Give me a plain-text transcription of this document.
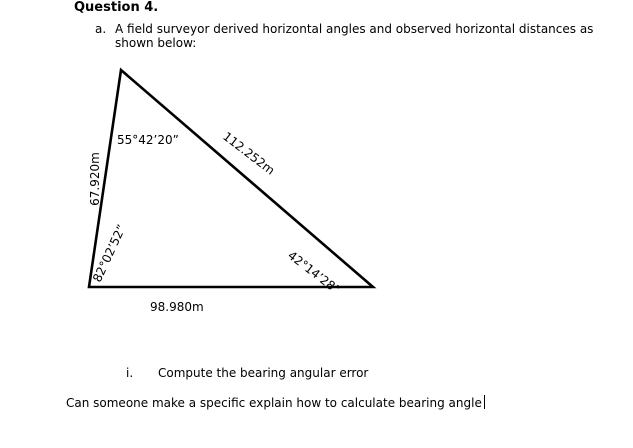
Question 4.
a. A field surveyor derived horizontal angles and observed horizontal distances as shown below:
55°42’20”	112.252m
67.920m
82°02’52”	42°14’28”
98.980m
i. Compute the bearing angular error
Can someone make a specific explain how to calculate bearing angle
